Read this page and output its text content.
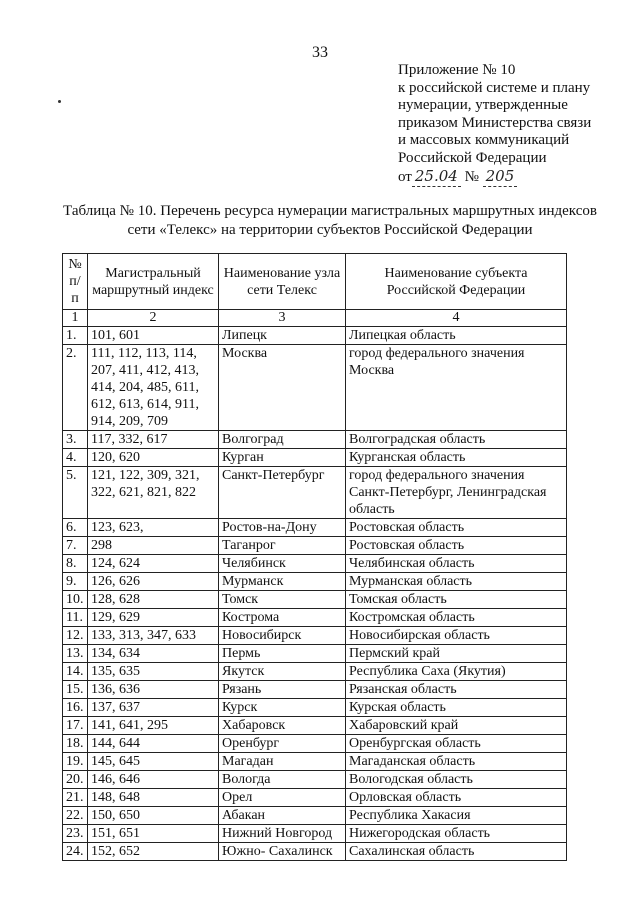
33
Приложение № 10
к российской системе и плану
нумерации, утвержденные
приказом Министерства связи
и массовых коммуникаций
Российской Федерации
от 25.04 № 205
Таблица № 10. Перечень ресурса нумерации магистральных маршрутных индексов
сети «Телекс» на территории субъектов Российской Федерации
№ п/п	Магистральный маршрутный индекс	Наименование узла сети Телекс	Наименование субъекта Российской Федерации
1	2	3	4
1.	101, 601	Липецк	Липецкая область
2.	111, 112, 113, 114, 207, 411, 412, 413, 414, 204, 485, 611, 612, 613, 614, 911, 914, 209, 709	Москва	город федерального значения Москва
3.	117, 332, 617	Волгоград	Волгоградская область
4.	120, 620	Курган	Курганская область
5.	121, 122, 309, 321, 322, 621, 821, 822	Санкт-Петербург	город федерального значения Санкт-Петербург, Ленинградская область
6.	123, 623,	Ростов-на-Дону	Ростовская область
7.	298	Таганрог	Ростовская область
8.	124, 624	Челябинск	Челябинская область
9.	126, 626	Мурманск	Мурманская область
10.	128, 628	Томск	Томская область
11.	129, 629	Кострома	Костромская область
12.	133, 313, 347, 633	Новосибирск	Новосибирская область
13.	134, 634	Пермь	Пермский край
14.	135, 635	Якутск	Республика Саха (Якутия)
15.	136, 636	Рязань	Рязанская область
16.	137, 637	Курск	Курская область
17.	141, 641, 295	Хабаровск	Хабаровский край
18.	144, 644	Оренбург	Оренбургская область
19.	145, 645	Магадан	Магаданская область
20.	146, 646	Вологда	Вологодская область
21.	148, 648	Орел	Орловская область
22.	150, 650	Абакан	Республика Хакасия
23.	151, 651	Нижний Новгород	Нижегородская область
24.	152, 652	Южно- Сахалинск	Сахалинская область
